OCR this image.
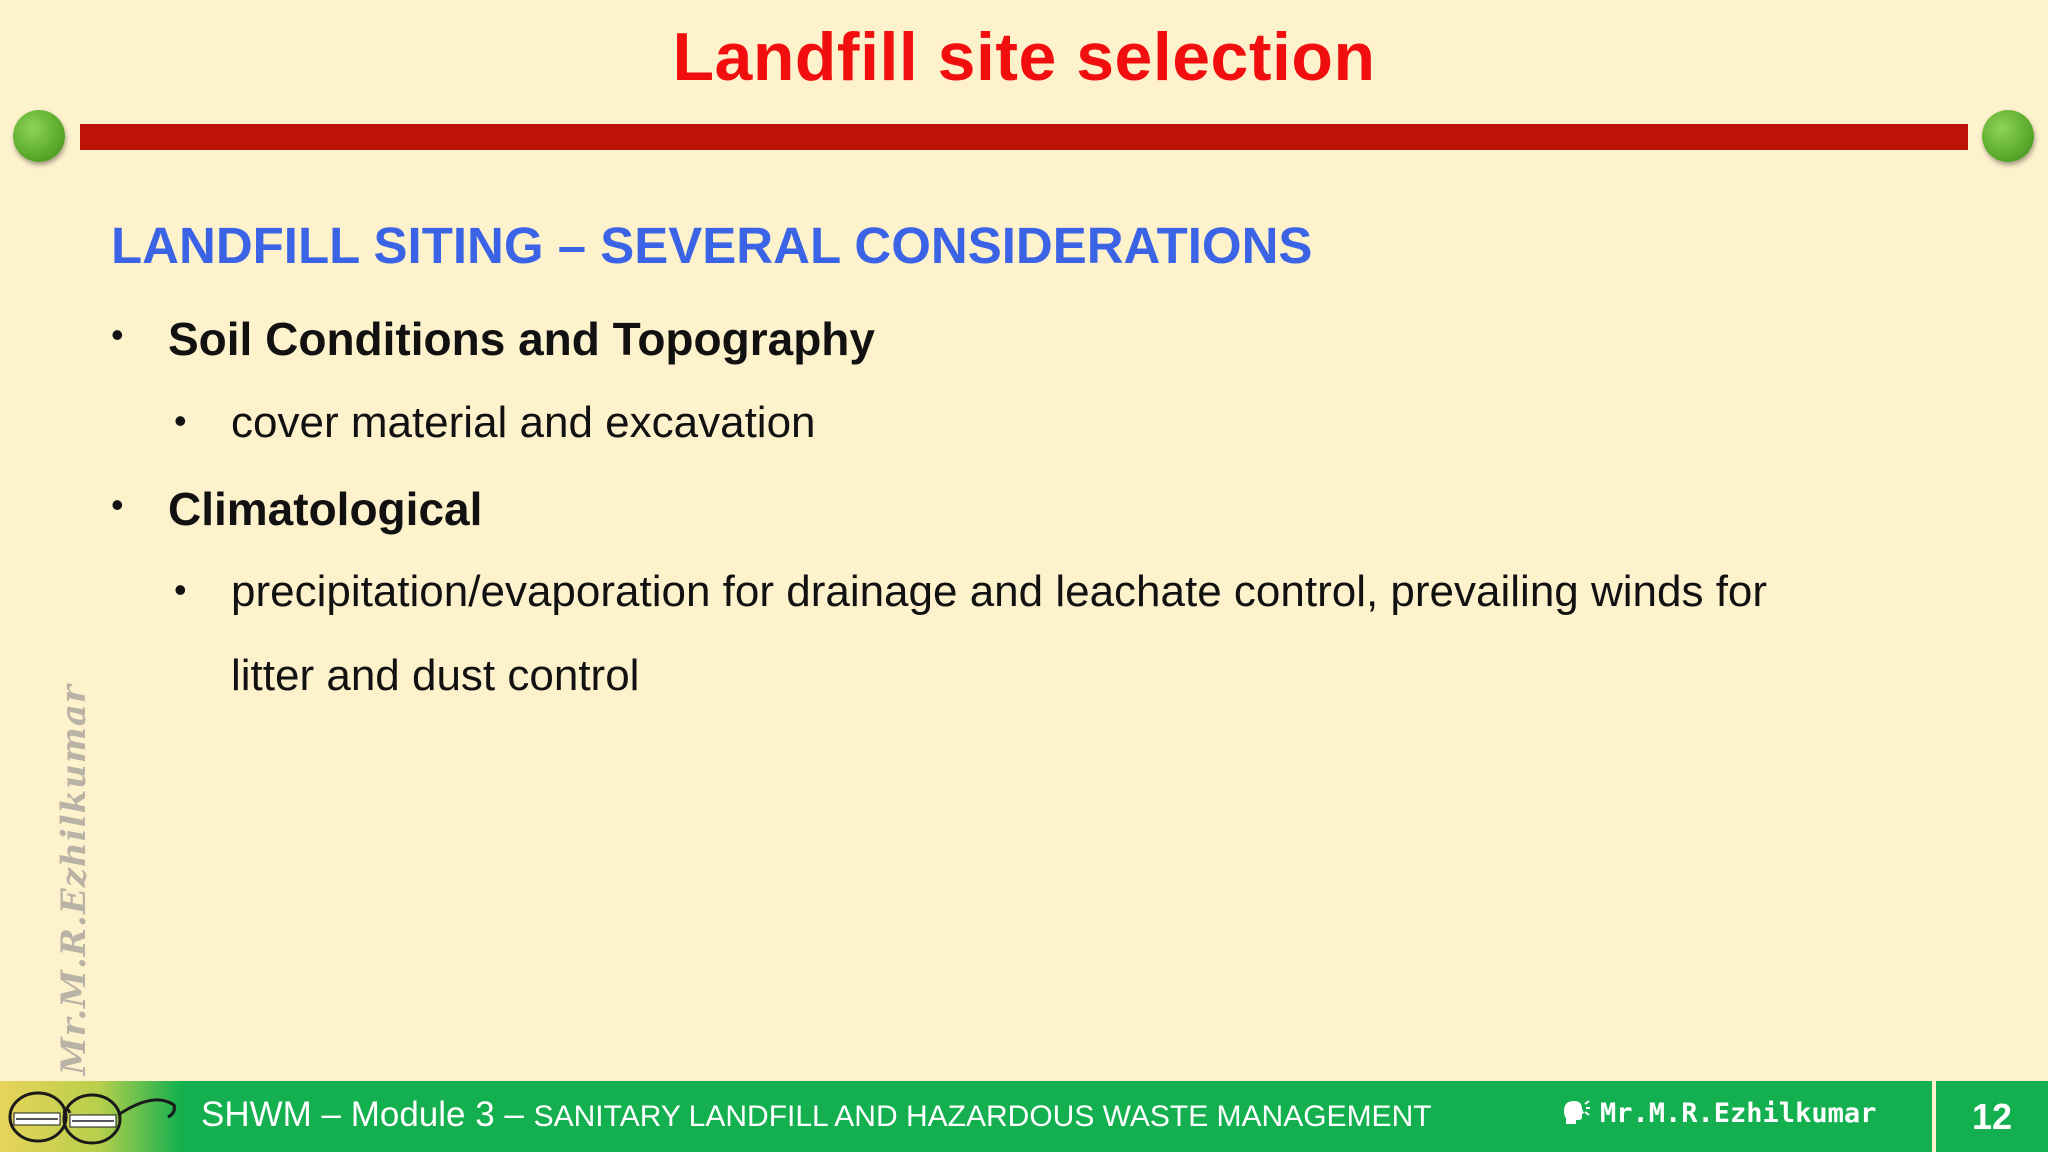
Landfill site selection
LANDFILL SITING – SEVERAL CONSIDERATIONS
• Soil Conditions and Topography
• cover material and excavation
• Climatological
• precipitation/evaporation for drainage and leachate control, prevailing winds for
litter and dust control
Mr.M.R.Ezhilkumar
SHWM – Module 3 – SANITARY LANDFILL AND HAZARDOUS WASTE MANAGEMENT	Mr.M.R.Ezhilkumar	12
